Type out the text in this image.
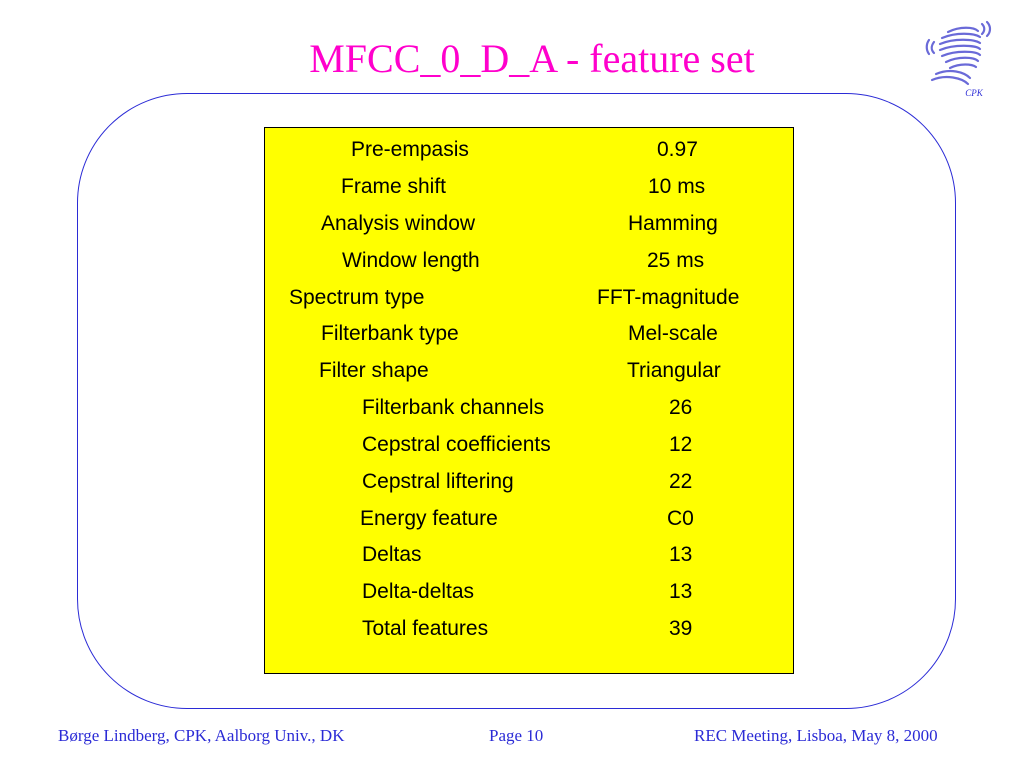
MFCC_0_D_A - feature set
CPK
Pre-empasis	0.97
Frame shift	10 ms
Analysis window	Hamming
Window length	25 ms
Spectrum type	FFT-magnitude
Filterbank type	Mel-scale
Filter shape	Triangular
Filterbank channels	26
Cepstral coefficients	12
Cepstral liftering	22
Energy feature	C0
Deltas	13
Delta-deltas	13
Total features	39
Børge Lindberg, CPK, Aalborg Univ., DK	Page 10	REC Meeting, Lisboa, May 8, 2000
